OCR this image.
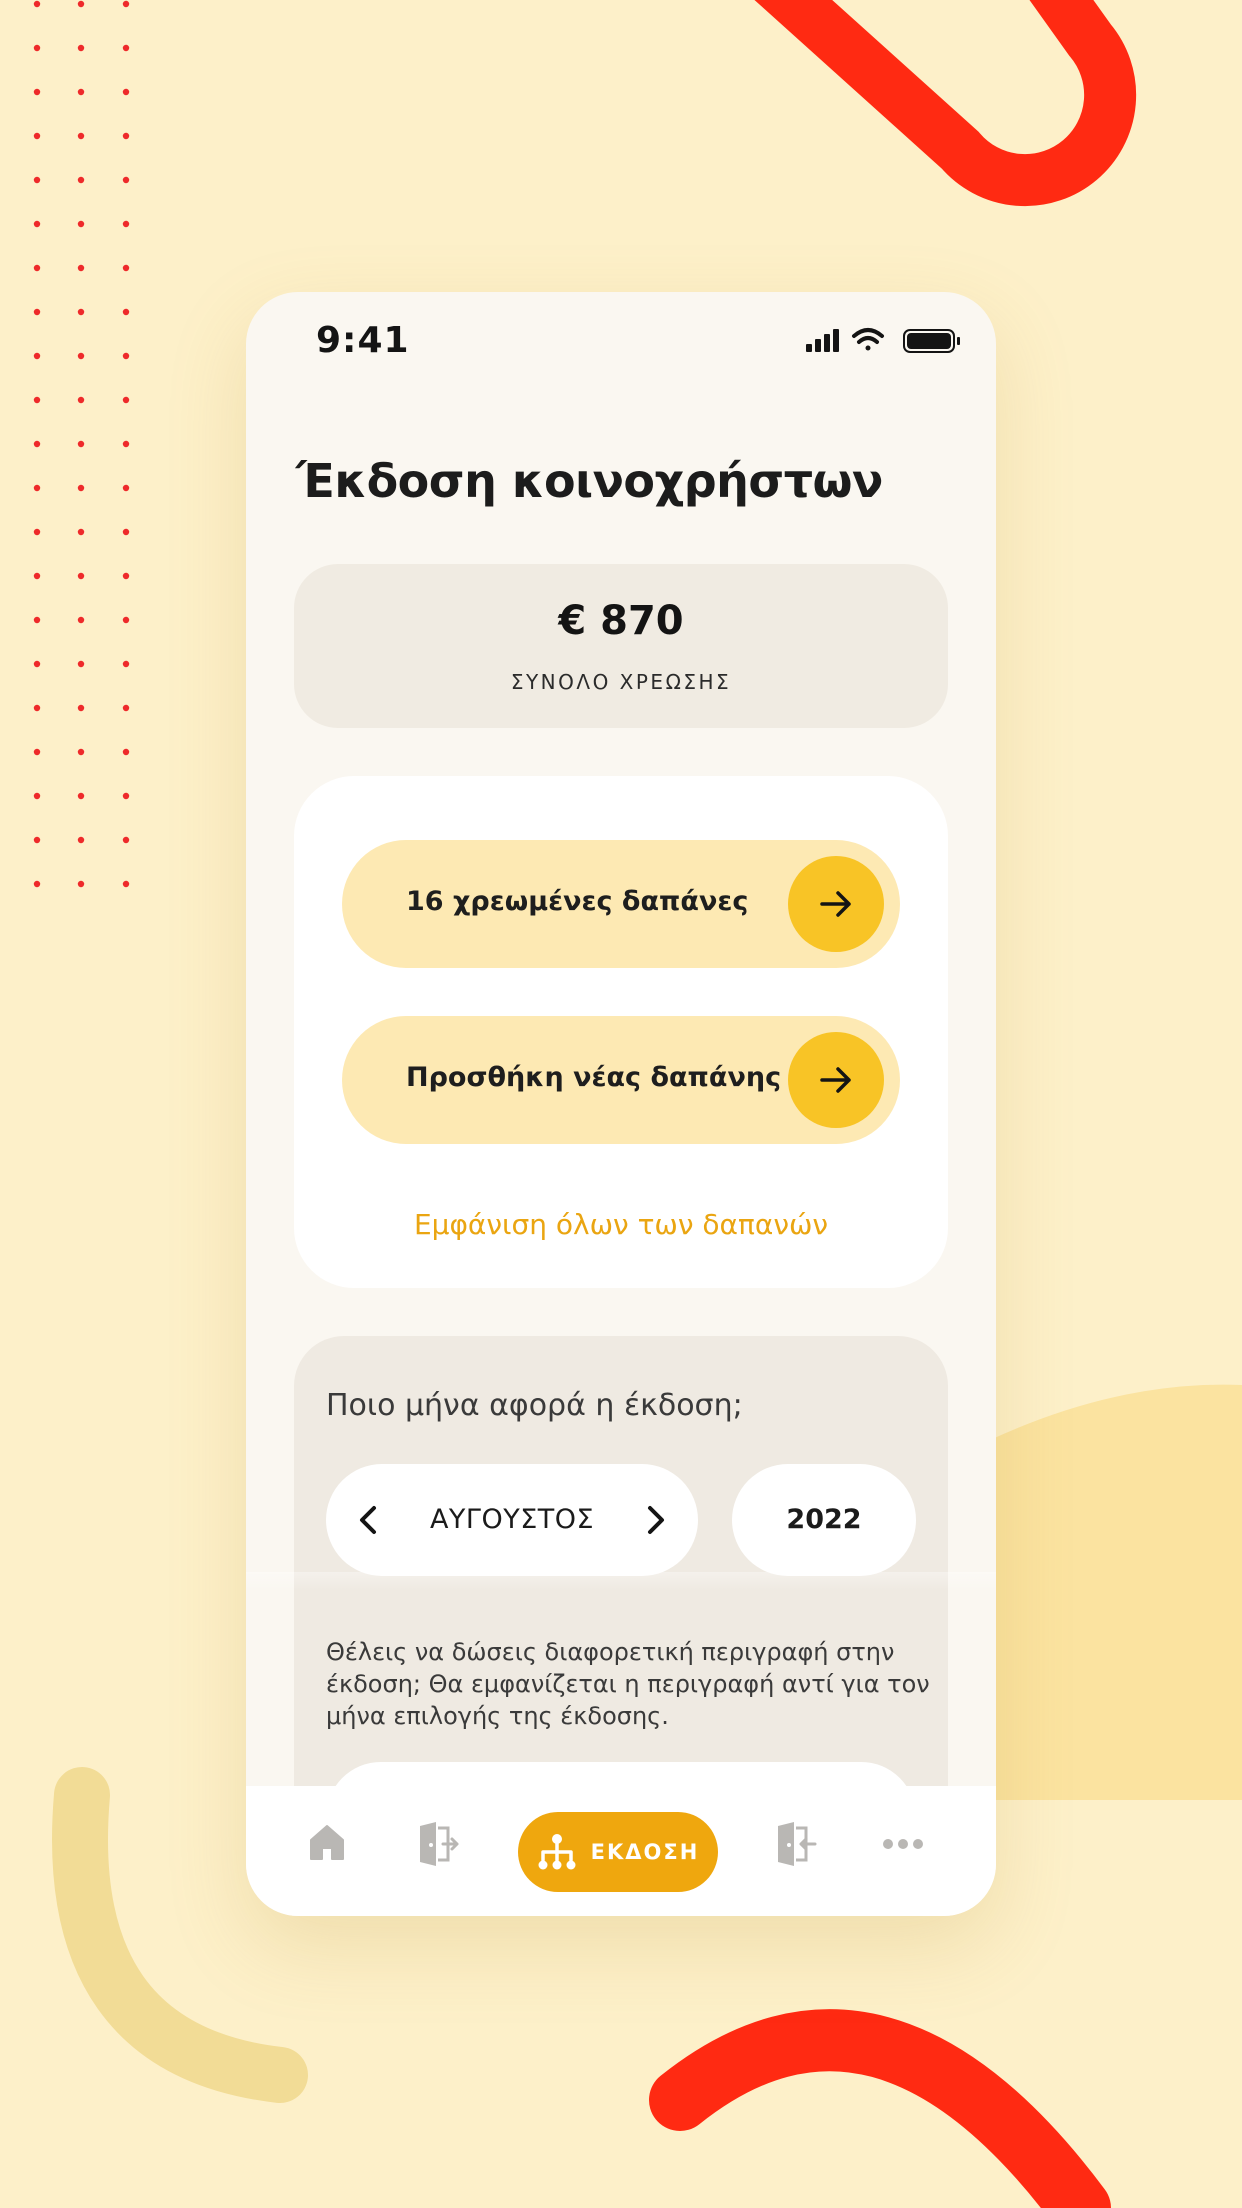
9:41
Έκδοση κοινοχρήστων
€ 870
ΣΥΝΟΛΟ ΧΡΕΩΣΗΣ
16 χρεωμένες δαπάνες
Προσθήκη νέας δαπάνης
Εμφάνιση όλων των δαπανών
Ποιο μήνα αφορά η έκδοση;
ΑΥΓΟΥΣΤΟΣ	2022
Θέλεις να δώσεις διαφορετική περιγραφή στην έκδοση; Θα εμφανίζεται η περιγραφή αντί για τον μήνα επιλογής της έκδοσης.
ΕΚΔΟΣΗ
